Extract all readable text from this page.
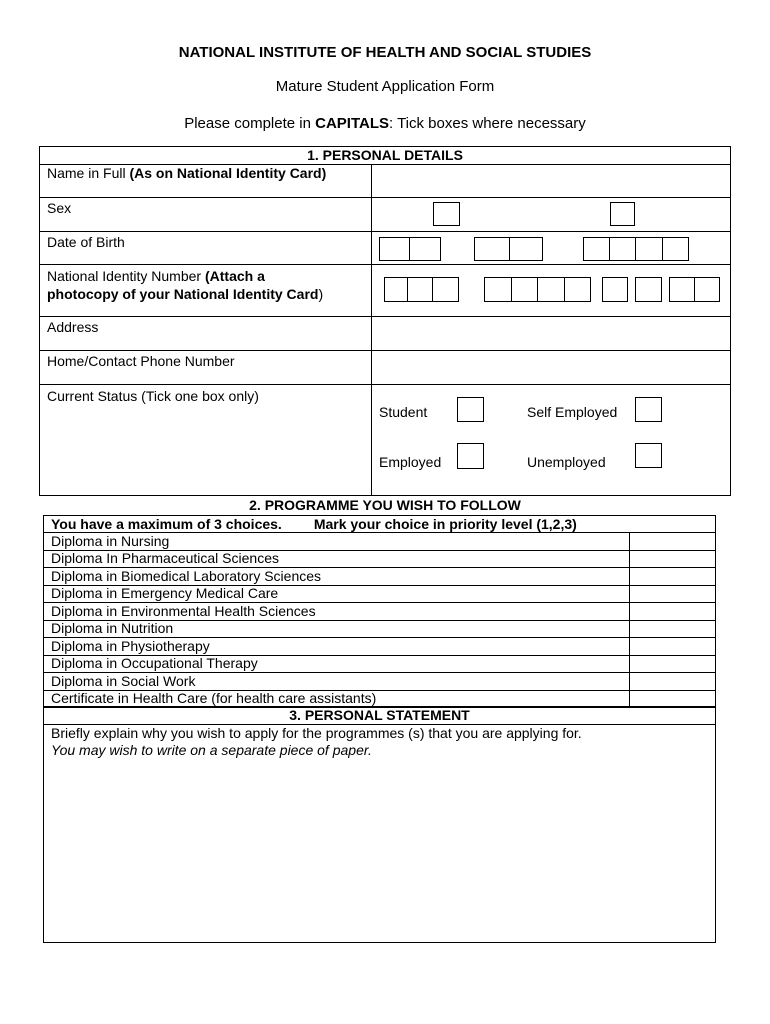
NATIONAL INSTITUTE OF HEALTH AND SOCIAL STUDIES
Mature Student Application Form
Please complete in CAPITALS: Tick boxes where necessary
1. PERSONAL DETAILS
Name in Full (As on National Identity Card)
Sex
Date of Birth
National Identity Number (Attach a
photocopy of your National Identity Card)
Address
Home/Contact Phone Number
Current Status (Tick one box only)
Student	Self Employed
Employed	Unemployed
2. PROGRAMME YOU WISH TO FOLLOW
You have a maximum of 3 choices. Mark your choice in priority level (1,2,3)
Diploma in Nursing
Diploma In Pharmaceutical Sciences
Diploma in Biomedical Laboratory Sciences
Diploma in Emergency Medical Care
Diploma in Environmental Health Sciences
Diploma in Nutrition
Diploma in Physiotherapy
Diploma in Occupational Therapy
Diploma in Social Work
Certificate in Health Care (for health care assistants)
3. PERSONAL STATEMENT
Briefly explain why you wish to apply for the programmes (s) that you are applying for.
You may wish to write on a separate piece of paper.
